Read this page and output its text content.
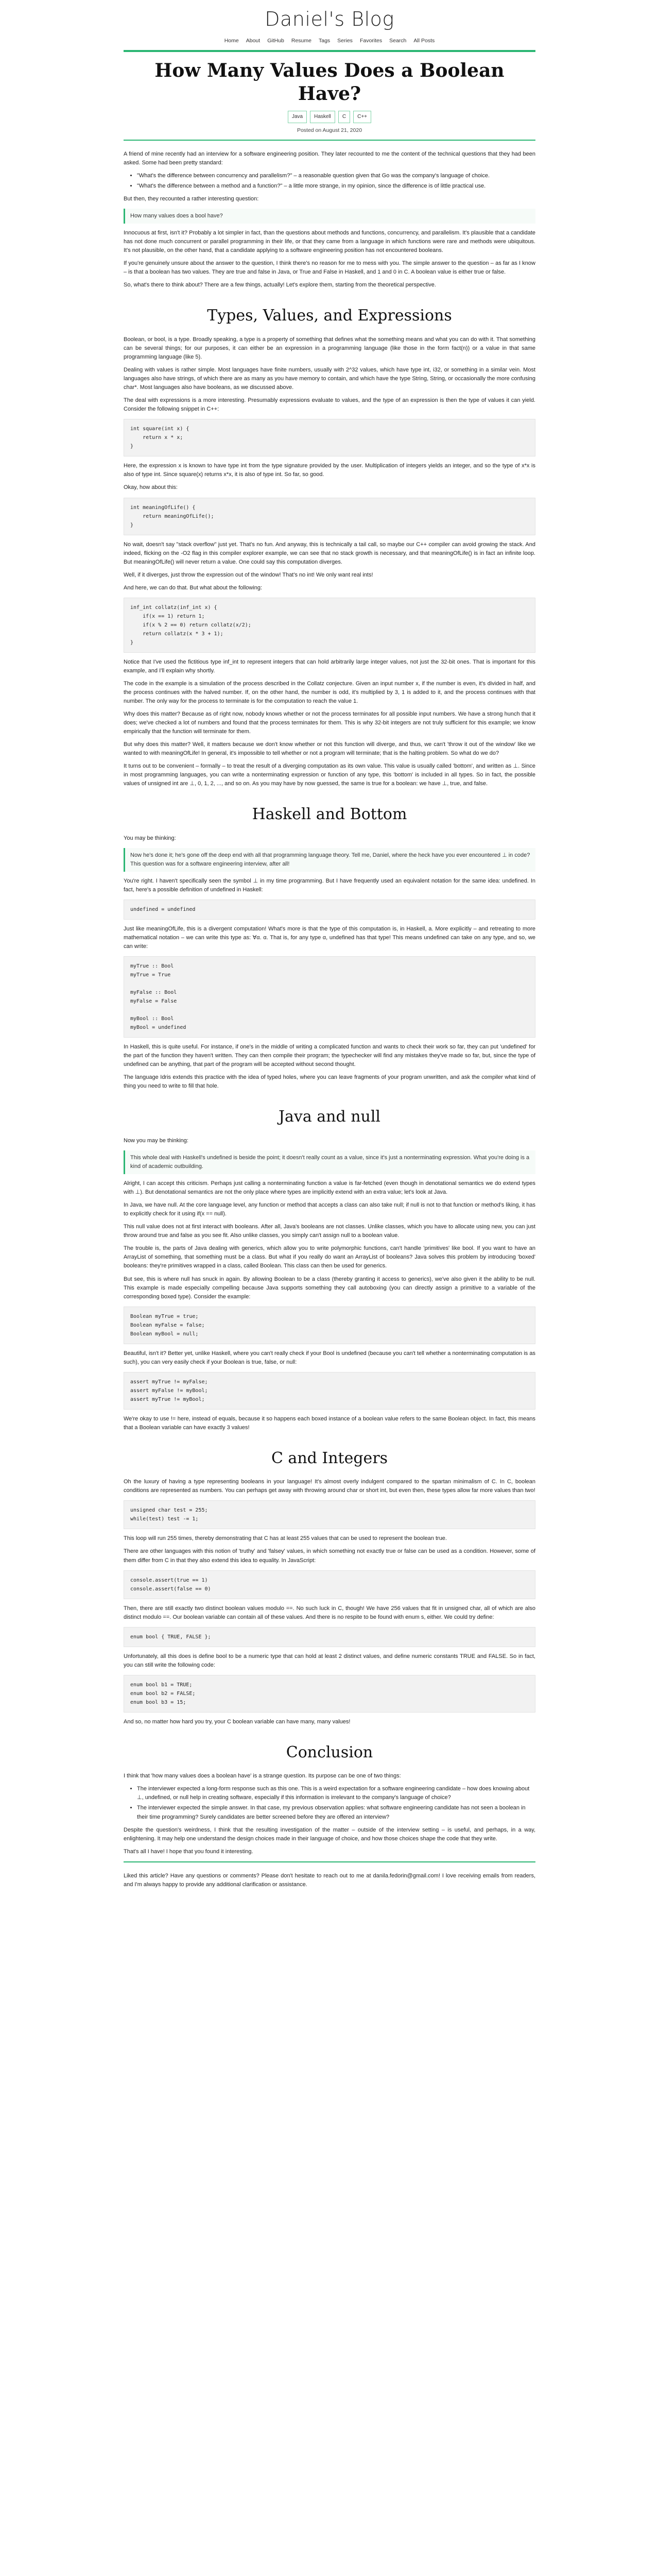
Daniel's Blog
Home About GitHub Resume Tags Series Favorites Search All Posts
How Many Values Does a Boolean Have?
Java	Haskell	C	C++
Posted on August 21, 2020

A friend of mine recently had an interview for a software engineering position. They later recounted to me the content of the technical questions that they had been asked. Some had been pretty standard:

• "What's the difference between concurrency and parallelism?" – a reasonable question given that Go was the company's language of choice.
• "What's the difference between a method and a function?" – a little more strange, in my opinion, since the difference is of little practical use.

But then, they recounted a rather interesting question:

How many values does a bool have?

Innocuous at first, isn't it? Probably a lot simpler in fact, than the questions about methods and functions, concurrency, and parallelism. It's plausible that a candidate has not done much concurrent or parallel programming in their life, or that they came from a language in which functions were rare and methods were ubiquitous. It's not plausible, on the other hand, that a candidate applying to a software engineering position has not encountered booleans.

If you're genuinely unsure about the answer to the question, I think there's no reason for me to mess with you. The simple answer to the question – as far as I know – is that a boolean has two values. They are true and false in Java, or True and False in Haskell, and 1 and 0 in C. A boolean value is either true or false.

So, what's there to think about? There are a few things, actually! Let's explore them, starting from the theoretical perspective.

Types, Values, and Expressions

Boolean, or bool, is a type. Broadly speaking, a type is a property of something that defines what the something means and what you can do with it. That something can be several things; for our purposes, it can either be an expression in a programming language (like those in the form fact(n)) or a value in that same programming language (like 5).

Dealing with values is rather simple. Most languages have finite numbers, usually with 2^32 values, which have type int, i32, or something in a similar vein. Most languages also have strings, of which there are as many as you have memory to contain, and which have the type String, String, or occasionally the more confusing char*. Most languages also have booleans, as we discussed above.

The deal with expressions is a more interesting. Presumably expressions evaluate to values, and the type of an expression is then the type of values it can yield. Consider the following snippet in C++:

int square(int x) {
return x * x;
}

Here, the expression x is known to have type int from the type signature provided by the user. Multiplication of integers yields an integer, and so the type of x*x is also of type int. Since square(x) returns x*x, it is also of type int. So far, so good.

Okay, how about this:

int meaningOfLife() {
return meaningOfLife();
}

No wait, doesn't say "stack overflow" just yet. That's no fun. And anyway, this is technically a tail call, so maybe our C++ compiler can avoid growing the stack. And indeed, flicking on the -O2 flag in this compiler explorer example, we can see that no stack growth is necessary, and that meaningOfLife() is in fact an infinite loop. But meaningOfLife() will never return a value. One could say this computation diverges.

Well, if it diverges, just throw the expression out of the window! That's no int! We only want real ints!

And here, we can do that. But what about the following:

inf_int collatz(inf_int x) {
if(x == 1) return 1;
if(x % 2 == 0) return collatz(x/2);
return collatz(x * 3 + 1);
}

Notice that I've used the fictitious type inf_int to represent integers that can hold arbitrarily large integer values, not just the 32-bit ones. That is important for this example, and I'll explain why shortly.

The code in the example is a simulation of the process described in the Collatz conjecture. Given an input number x, if the number is even, it's divided in half, and the process continues with the halved number. If, on the other hand, the number is odd, it's multiplied by 3, 1 is added to it, and the process continues with that number. The only way for the process to terminate is for the computation to reach the value 1.

Why does this matter? Because as of right now, nobody knows whether or not the process terminates for all possible input numbers. We have a strong hunch that it does; we've checked a lot of numbers and found that the process terminates for them. This is why 32-bit integers are not truly sufficient for this example; we know empirically that the function will terminate for them.

But why does this matter? Well, it matters because we don't know whether or not this function will diverge, and thus, we can't 'throw it out of the window' like we wanted to with meaningOfLife! In general, it's impossible to tell whether or not a program will terminate; that is the halting problem. So what do we do?

It turns out to be convenient – formally – to treat the result of a diverging computation as its own value. This value is usually called 'bottom', and written as ⊥. Since in most programming languages, you can write a nonterminating expression or function of any type, this 'bottom' is included in all types. So in fact, the possible values of unsigned int are ⊥, 0, 1, 2, ..., and so on. As you may have by now guessed, the same is true for a boolean: we have ⊥, true, and false.

Haskell and Bottom

You may be thinking:

Now he's done it; he's gone off the deep end with all that programming language theory. Tell me, Daniel, where the heck have you ever encountered ⊥ in code? This question was for a software engineering interview, after all!

You're right. I haven't specifically seen the symbol ⊥ in my time programming. But I have frequently used an equivalent notation for the same idea: undefined. In fact, here's a possible definition of undefined in Haskell:

undefined = undefined

Just like meaningOfLife, this is a divergent computation! What's more is that the type of this computation is, in Haskell, a. More explicitly – and retreating to more mathematical notation – we can write this type as: ∀α. α. That is, for any type α, undefined has that type! This means undefined can take on any type, and so, we can write:

myTrue :: Bool
myTrue = True

myFalse :: Bool
myFalse = False

myBool :: Bool
myBool = undefined

In Haskell, this is quite useful. For instance, if one's in the middle of writing a complicated function and wants to check their work so far, they can put 'undefined' for the part of the function they haven't written. They can then compile their program; the typechecker will find any mistakes they've made so far, but, since the type of undefined can be anything, that part of the program will be accepted without second thought.

The language Idris extends this practice with the idea of typed holes, where you can leave fragments of your program unwritten, and ask the compiler what kind of thing you need to write to fill that hole.

Java and null

Now you may be thinking:

This whole deal with Haskell's undefined is beside the point; it doesn't really count as a value, since it's just a nonterminating expression. What you're doing is a kind of academic outbuilding.

Alright, I can accept this criticism. Perhaps just calling a nonterminating function a value is far-fetched (even though in denotational semantics we do extend types with ⊥). But denotational semantics are not the only place where types are implicitly extend with an extra value; let's look at Java.

In Java, we have null. At the core language level, any function or method that accepts a class can also take null; if null is not to that function or method's liking, it has to explicitly check for it using if(x == null).

This null value does not at first interact with booleans. After all, Java's booleans are not classes. Unlike classes, which you have to allocate using new, you can just throw around true and false as you see fit. Also unlike classes, you simply can't assign null to a boolean value.

The trouble is, the parts of Java dealing with generics, which allow you to write polymorphic functions, can't handle 'primitives' like bool. If you want to have an ArrayList of something, that something must be a class. But what if you really do want an ArrayList of booleans? Java solves this problem by introducing 'boxed' booleans: they're primitives wrapped in a class, called Boolean. This class can then be used for generics.

But see, this is where null has snuck in again. By allowing Boolean to be a class (thereby granting it access to generics), we've also given it the ability to be null. This example is made especially compelling because Java supports something they call autoboxing (you can directly assign a primitive to a variable of the corresponding boxed type). Consider the example:

Boolean myTrue = true;
Boolean myFalse = false;
Boolean myBool = null;

Beautiful, isn't it? Better yet, unlike Haskell, where you can't really check if your Bool is undefined (because you can't tell whether a nonterminating computation is as such), you can very easily check if your Boolean is true, false, or null:

assert myTrue != myFalse;
assert myFalse != myBool;
assert myTrue != myBool;

We're okay to use != here, instead of equals, because it so happens each boxed instance of a boolean value refers to the same Boolean object. In fact, this means that a Boolean variable can have exactly 3 values!

C and Integers

Oh the luxury of having a type representing booleans in your language! It's almost overly indulgent compared to the spartan minimalism of C. In C, boolean conditions are represented as numbers. You can perhaps get away with throwing around char or short int, but even then, these types allow far more values than two!

unsigned char test = 255;
while(test) test -= 1;

This loop will run 255 times, thereby demonstrating that C has at least 255 values that can be used to represent the boolean true.

There are other languages with this notion of 'truthy' and 'falsey' values, in which something not exactly true or false can be used as a condition. However, some of them differ from C in that they also extend this idea to equality. In JavaScript:

console.assert(true == 1)
console.assert(false == 0)

Then, there are still exactly two distinct boolean values modulo ==. No such luck in C, though! We have 256 values that fit in unsigned char, all of which are also distinct modulo ==. Our boolean variable can contain all of these values. And there is no respite to be found with enum s, either. We could try define:

enum bool { TRUE, FALSE };

Unfortunately, all this does is define bool to be a numeric type that can hold at least 2 distinct values, and define numeric constants TRUE and FALSE. So in fact, you can still write the following code:

enum bool b1 = TRUE;
enum bool b2 = FALSE;
enum bool b3 = 15;

And so, no matter how hard you try, your C boolean variable can have many, many values!

Conclusion

I think that 'how many values does a boolean have' is a strange question. Its purpose can be one of two things:

• The interviewer expected a long-form response such as this one. This is a weird expectation for a software engineering candidate – how does knowing about ⊥, undefined, or null help in creating software, especially if this information is irrelevant to the company's language of choice?
• The interviewer expected the simple answer. In that case, my previous observation applies: what software engineering candidate has not seen a boolean in their time programming? Surely candidates are better screened before they are offered an interview?

Despite the question's weirdness, I think that the resulting investigation of the matter – outside of the interview setting – is useful, and perhaps, in a way, enlightening. It may help one understand the design choices made in their language of choice, and how those choices shape the code that they write.

That's all I have! I hope that you found it interesting.

Liked this article? Have any questions or comments? Please don't hesitate to reach out to me at danila.fedorin@gmail.com! I love receiving emails from readers, and I'm always happy to provide any additional clarification or assistance.
